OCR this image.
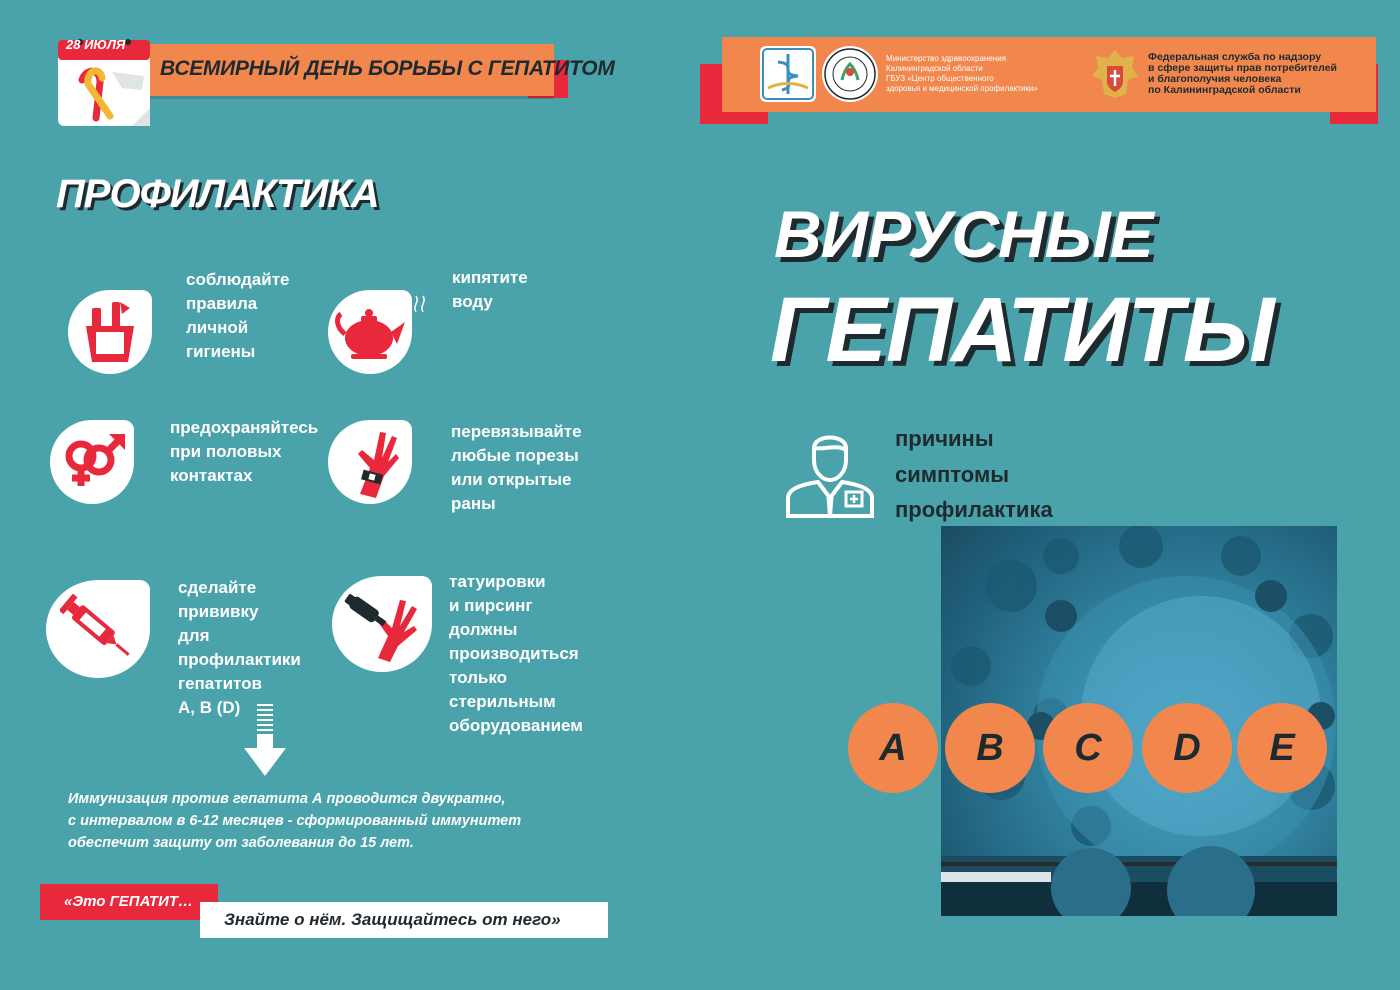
ВСЕМИРНЫЙ ДЕНЬ БОРЬБЫ С ГЕПАТИТОМ
28 ИЮЛЯ
ПРОФИЛАКТИКА
соблюдайте
правила
личной
гигиены
кипятите
воду
предохраняйтесь
при половых
контактах
перевязывайте
любые порезы
или открытые
раны
сделайте
прививку
для
профилактики
гепатитов
А, В (D)
татуировки
и пирсинг
должны
производиться
только
стерильным
оборудованием
Иммунизация против гепатита А проводится двукратно,
с интервалом в 6-12 месяцев - сформированный иммунитет
обеспечит защиту от заболевания до 15 лет.
«Это ГЕПАТИТ…
Знайте о нём. Защищайтесь от него»
Министерство здравоохранения
Калининградской области
ГБУЗ «Центр общественного
здоровья и медицинской профилактики»
Федеральная служба по надзору
в сфере защиты прав потребителей
и благополучия человека
по Калининградской области
ВИРУСНЫЕ
ГЕПАТИТЫ
причины
симптомы
профилактика
A B C D E
